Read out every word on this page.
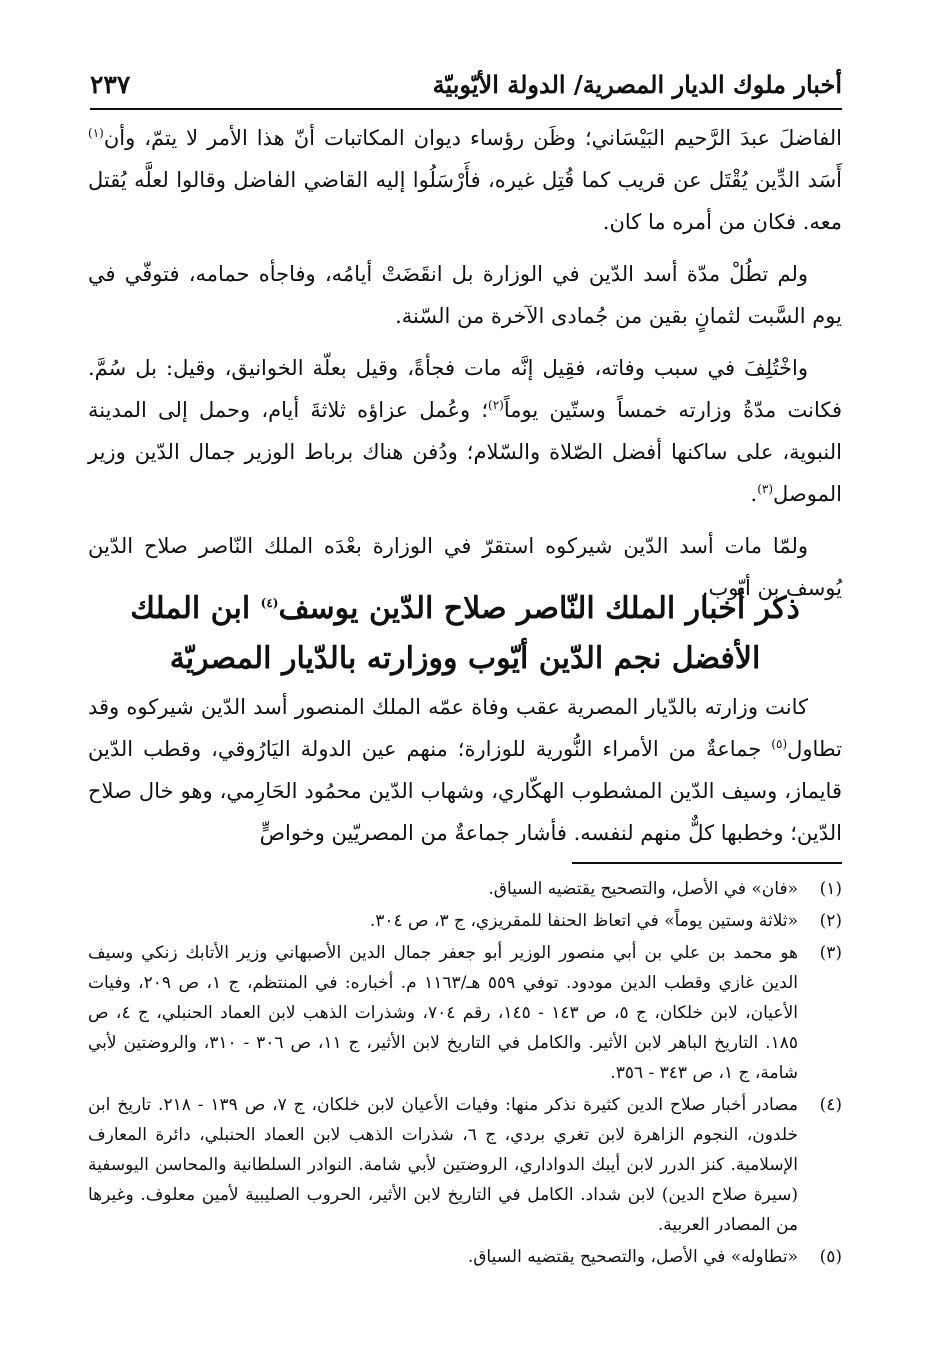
أخبار ملوك الديار المصرية/ الدولة الأيّوبيّة
٢٣٧

الفاضلَ عبدَ الرَّحيم البَيْسَاني؛ وظَن رؤساء ديوان المكاتبات أنّ هذا الأمر لا يتمّ، وأن$^{(١)}$ أَسَد الدِّين يُقْتَل عن قريب كما قُتِل غيره، فأَرْسَلُوا إليه القاضي الفاضل وقالوا لعلَّه يُقتل معه. فكان من أمره ما كان.

ولم تطُلْ مدّة أسد الدّين في الوزارة بل انقَضَتْ أيامُه، وفاجأه حمامه، فتوفّي في يوم السَّبت لثمانٍ بقين من جُمادى الآخرة من السّنة.

واخْتُلِفَ في سبب وفاته، فقِيل إنَّه مات فجأةً، وقيل بعلّة الخوانيق، وقيل: بل سُمَّ. فكانت مدّةُ وزارته خمساً وستّين يوماً$^{(٢)}$؛ وعُمل عزاؤه ثلاثةَ أيام، وحمل إلى المدينة النبوية، على ساكنها أفضل الصّلاة والسّلام؛ ودُفن هناك برباط الوزير جمال الدّين وزير الموصل$^{(٣)}$.

ولمّا مات أسد الدّين شيركوه استقرّ في الوزارة بعْدَه الملك النّاصر صلاح الدّين يُوسف بن أيّوب.

ذكر أخبار الملك النّاصر صلاح الدّين يوسف$^{(٤)}$ ابن الملك الأفضل نجم الدّين أيّوب ووزارته بالدّيار المصريّة

كانت وزارته بالدّيار المصرية عقب وفاة عمّه الملك المنصور أسد الدّين شيركوه وقد تطاول$^{(٥)}$ جماعةٌ من الأمراء النُّورية للوزارة؛ منهم عين الدولة اليَارُوقي، وقطب الدّين قايماز، وسيف الدّين المشطوب الهكّاري، وشهاب الدّين محمُود الحَارِمي، وهو خال صلاح الدّين؛ وخطبها كلٌّ منهم لنفسه. فأشار جماعةٌ من المصريّين وخواصٍّ

(١)
«فان» في الأصل، والتصحيح يقتضيه السياق.
(٢)
«ثلاثة وستين يوماً» في اتعاظ الحنفا للمقريزي، ج ٣، ص ٣٠٤.
(٣)
هو محمد بن علي بن أبي منصور الوزير أبو جعفر جمال الدين الأصبهاني وزير الأتابك زنكي وسيف الدين غازي وقطب الدين مودود. توفي ٥٥٩ هـ/١١٦٣ م. أخباره: في المنتظم، ج ١، ص ٢٠٩، وفيات الأعيان، لابن خلكان، ج ٥، ص ١٤٣ - ١٤٥، رقم ٧٠٤، وشذرات الذهب لابن العماد الحنبلي، ج ٤، ص ١٨٥. التاريخ الباهر لابن الأثير. والكامل في التاريخ لابن الأثير، ج ١١، ص ٣٠٦ - ٣١٠، والروضتين لأبي شامة، ج ١، ص ٣٤٣ - ٣٥٦.
(٤)
مصادر أخبار صلاح الدين كثيرة نذكر منها: وفيات الأعيان لابن خلكان، ج ٧، ص ١٣٩ - ٢١٨. تاريخ ابن خلدون، النجوم الزاهرة لابن تغري بردي، ج ٦، شذرات الذهب لابن العماد الحنبلي، دائرة المعارف الإسلامية. كنز الدرر لابن أيبك الدواداري، الروضتين لأبي شامة. النوادر السلطانية والمحاسن اليوسفية (سيرة صلاح الدين) لابن شداد. الكامل في التاريخ لابن الأثير، الحروب الصليبية لأمين معلوف. وغيرها من المصادر العربية.
(٥)
«تطاوله» في الأصل، والتصحيح يقتضيه السياق.
